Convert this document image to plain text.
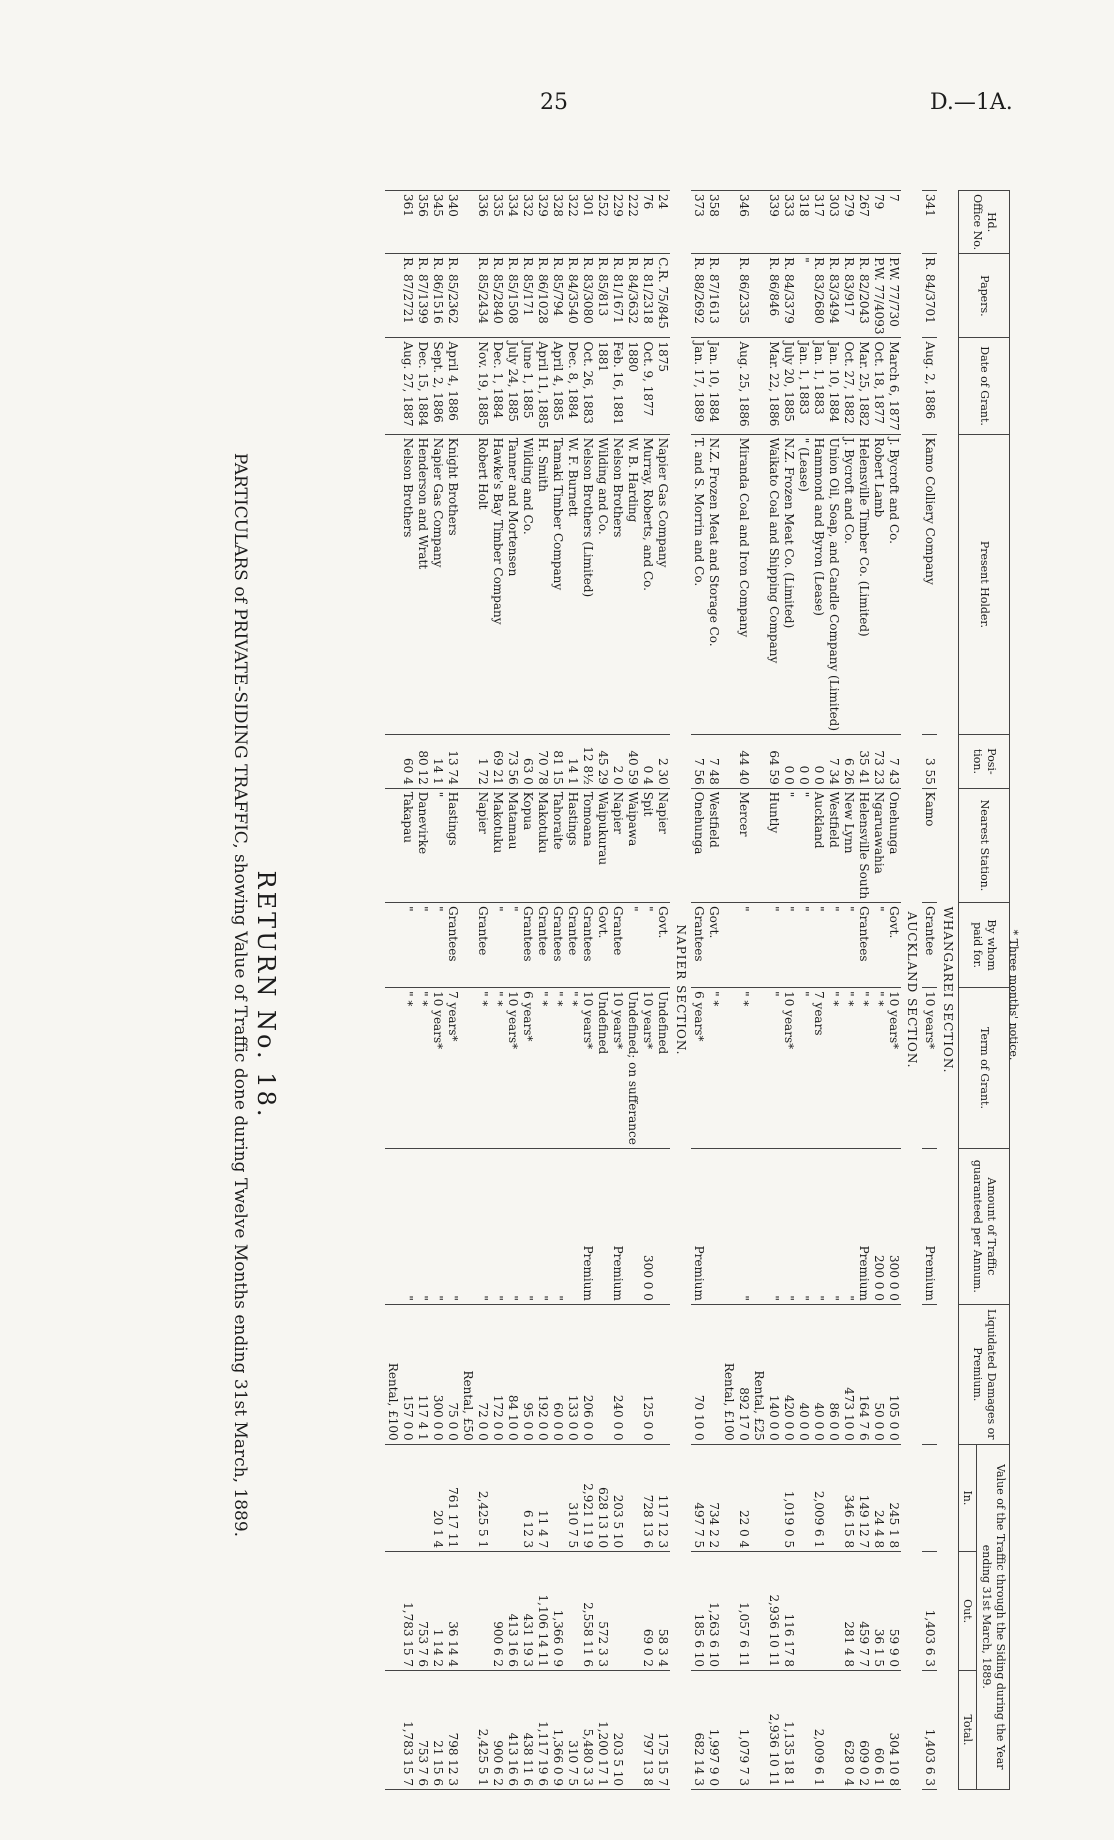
25	D.—1A.
RETURN No. 18.
PARTICULARS of PRIVATE-SIDING TRAFFIC, showing Value of Traffic done during Twelve Months ending 31st March, 1889.	* Three months' notice.
Hd. Office No.	Papers.	Date of Grant.	Present Holder.	Posi- tion.	Nearest Station.	By whom paid for.	Term of Grant.	Amount of Traffic guaranteed per Annum.	Liquidated Damages or Premium.	Value of the Traffic through the Siding during the Year ending 31st March, 1889.		
										In.	Out.	Total.
WHANGAREI SECTION.												
341	R. 84/3701	Aug. 2, 1886	Kamo Colliery Company	3 55	Kamo	Grantee	10 years*	Premium			1,403 6 3	1,403 6 3
AUCKLAND SECTION.												
7	P.W. 77/730	March 6, 1877	J. Bycroft and Co.	7 43	Onehunga	Govt.	10 years*	300 0 0	105 0 0	245 1 8	59 9 0	304 10 8
79	P.W. 77/4093	Oct. 18, 1877	Robert Lamb	73 23	Ngaruawahia	"	" *	200 0 0	50 0 0	24 4 8	36 1 5	60 6 1
267	R. 82/2043	Mar. 25, 1882	Helensville Timber Co. (Limited)	35 41	Helensville South	Grantees	" *	Premium	164 7 6	149 12 7	459 7 7	609 0 2
279	R. 83/917	Oct. 27, 1882	J. Bycroft and Co.	6 26	New Lynn	"	" *	"	473 10 0	346 15 8	281 4 8	628 0 4
303	R. 83/3494	Jan. 10, 1884	Union Oil, Soap, and Candle Company (Limited)	7 34	Westfield	"	" *	"	86 0 0			
317	R. 83/2680	Jan. 1, 1883	Hammond and Byron (Lease)	0 0	Auckland	"	7 years	"	40 0 0	2,009 6 1		2,009 6 1
318	"	Jan. 1, 1883	" (Lease)	0 0	"	"	"	"	40 0 0			
333	R. 84/3379	July 20, 1885	N.Z. Frozen Meat Co. (Limited)	0 0	"	"	10 years*	"	420 0 0	1,019 0 5	116 17 8	1,135 18 1
339	R. 86/846	Mar. 22, 1886	Waikato Coal and Shipping Company	64 59	Huntly	"	"	"	140 0 0		2,936 10 11	2,936 10 11
									Rental, £25			
346	R. 86/2335	Aug. 25, 1886	Miranda Coal and Iron Company	44 40	Mercer	"	" *	"	892 17 0	22 0 4	1,057 6 11	1,079 7 3
									Rental, £100			
358	R. 87/1613	Jan. 10, 1884	N.Z. Frozen Meat and Storage Co.	7 48	Westfield	Govt.	" *			734 2 2	1,263 6 10	1,997 9 0
373	R. 88/2692	Jan. 17, 1889	T. and S. Morrin and Co.	7 56	Onehunga	Grantees	6 years*	Premium	70 10 0	497 7 5	185 6 10	682 14 3
NAPIER SECTION.												
24	C.R. 75/845	1875	Napier Gas Company	2 30	Napier	Govt.	Undefined			117 12 3	58 3 4	175 15 7
76	R. 81/2318	Oct. 9, 1877	Murray, Roberts, and Co.	0 4	Spit	"	10 years*	300 0 0	125 0 0	728 13 6	69 0 2	797 13 8
222	R. 84/3632	1880	W. B. Harding	40 59	Waipawa	"	Undefined; on sufferance					
229	R. 81/1671	Feb. 16, 1881	Nelson Brothers	2 0	Napier	Grantee	10 years*	Premium	240 0 0	203 5 10		203 5 10
252	R. 85/813	1881	Wilding and Co.	45 29	Waipukurau	Govt.	Undefined			628 13 10	572 3 3	1,200 17 1
301	R. 83/3080	Oct. 26, 1883	Nelson Brothers (Limited)	12 8½	Tomoana	Grantees	10 years*	Premium	206 0 0	2,921 11 9	2,558 11 6	5,480 3 3
322	R. 84/3540	Dec. 8, 1884	W. F. Burnett	14 1	Hastings	Grantee	" *		133 0 0	310 7 5		310 7 5
328	R. 85/794	April 4, 1885	Tamaki Timber Company	81 15	Tahoraite	Grantees	" *	"	60 0 0		1,366 0 9	1,366 0 9
329	R. 86/1028	April 11, 1885	H. Smith	70 78	Makotuku	Grantee	" *	"	192 0 0	11 4 7	1,106 14 11	1,117 19 6
332	R. 85/171	June 1, 1885	Wilding and Co.	63 0	Kopua	Grantees	6 years*	"	95 0 0	6 12 3	431 19 3	438 11 6
334	R. 85/1508	July 24, 1885	Tanner and Mortensen	73 56	Matamau	"	10 years*	"	84 10 0		413 16 6	413 16 6
335	R. 85/2840	Dec. 1, 1884	Hawke's Bay Timber Company	69 21	Makotuku	"	" *	"	172 0 0		900 6 2	900 6 2
336	R. 85/2434	Nov. 19, 1885	Robert Holt	1 72	Napier	Grantee	" *	"	72 0 0	2,425 5 1		2,425 5 1
									Rental, £50			
340	R. 85/2362	April 4, 1886	Knight Brothers	13 74	Hastings	Grantees	7 years*	"	75 0 0	761 17 11	36 14 4	798 12 3
345	R. 86/1516	Sept. 2, 1886	Napier Gas Company	14 1	"	"	10 years*	"	300 0 0	20 1 4	1 14 2	21 15 6
356	R. 87/1399	Dec. 15, 1884	Henderson and Wratt	80 12	Danevirke	"	" *	"	117 4 1		753 7 6	753 7 6
361	R. 87/2721	Aug. 27, 1887	Nelson Brothers	60 4	Takapau	"	" *	"	157 0 0		1,783 15 7	1,783 15 7
									Rental, £100			
